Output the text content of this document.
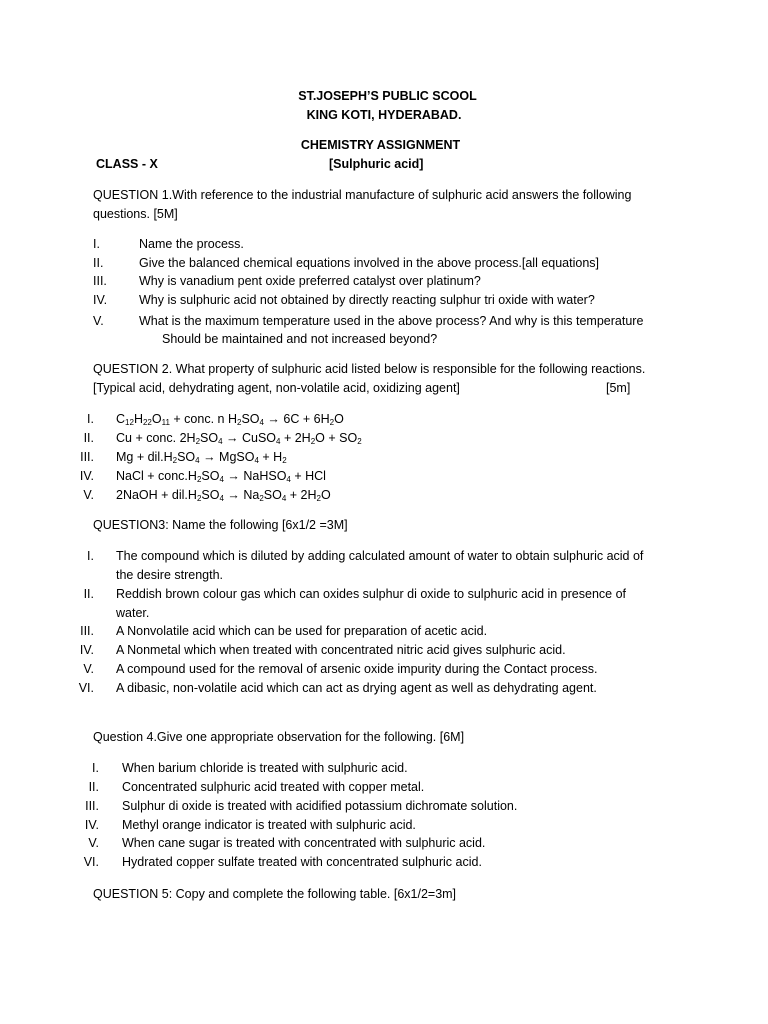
ST.JOSEPH’S PUBLIC SCOOL
KING KOTI, HYDERABAD.
CHEMISTRY ASSIGNMENT
CLASS - X	[Sulphuric acid]
QUESTION 1.With reference to the industrial manufacture of sulphuric acid answers the following questions. [5M]
I.	Name the process.
II.	Give the balanced chemical equations involved in the above process.[all equations]
III.	Why is vanadium pent oxide preferred catalyst over platinum?
IV.	Why is sulphuric acid not obtained by directly reacting sulphur tri oxide with water?
V.	What is the maximum temperature used in the above process? And why is this temperature
Should be maintained and not increased beyond?
QUESTION 2. What property of sulphuric acid listed below is responsible for the following reactions.
[Typical acid, dehydrating agent, non-volatile acid, oxidizing agent]	[5m]
I. $C_{12}H_{22}O_{11}$ + conc. n $H_2SO_4 \to 6C + 6H_2O$
II. Cu + conc. $2H_2SO_4$ → CuSO$_4$ + $2H_2O + SO_2$
III. $Mg + dil.H_2SO_4$ → MgSO$_4$ + $H_2$
IV. NaCl + $conc.H_2SO_4$ → NaHSO$_4$ + HCl
V. 2NaOH + $dil.H_2SO_4 \to Na_2SO_4 + 2H_2O$
QUESTION3: Name the following [6x1/2 =3M]
I. The compound which is diluted by adding calculated amount of water to obtain sulphuric acid of
the desire strength.
II. Reddish brown colour gas which can oxides sulphur di oxide to sulphuric acid in presence of
water.
III. A Nonvolatile acid which can be used for preparation of acetic acid.
IV. A Nonmetal which when treated with concentrated nitric acid gives sulphuric acid.
V. A compound used for the removal of arsenic oxide impurity during the Contact process.
VI. A dibasic, non-volatile acid which can act as drying agent as well as dehydrating agent.
Question 4.Give one appropriate observation for the following. [6M]
I. When barium chloride is treated with sulphuric acid.
II. Concentrated sulphuric acid treated with copper metal.
III. Sulphur di oxide is treated with acidified potassium dichromate solution.
IV. Methyl orange indicator is treated with sulphuric acid.
V. When cane sugar is treated with concentrated with sulphuric acid.
VI. Hydrated copper sulfate treated with concentrated sulphuric acid.
QUESTION 5: Copy and complete the following table. [6x1/2=3m]
